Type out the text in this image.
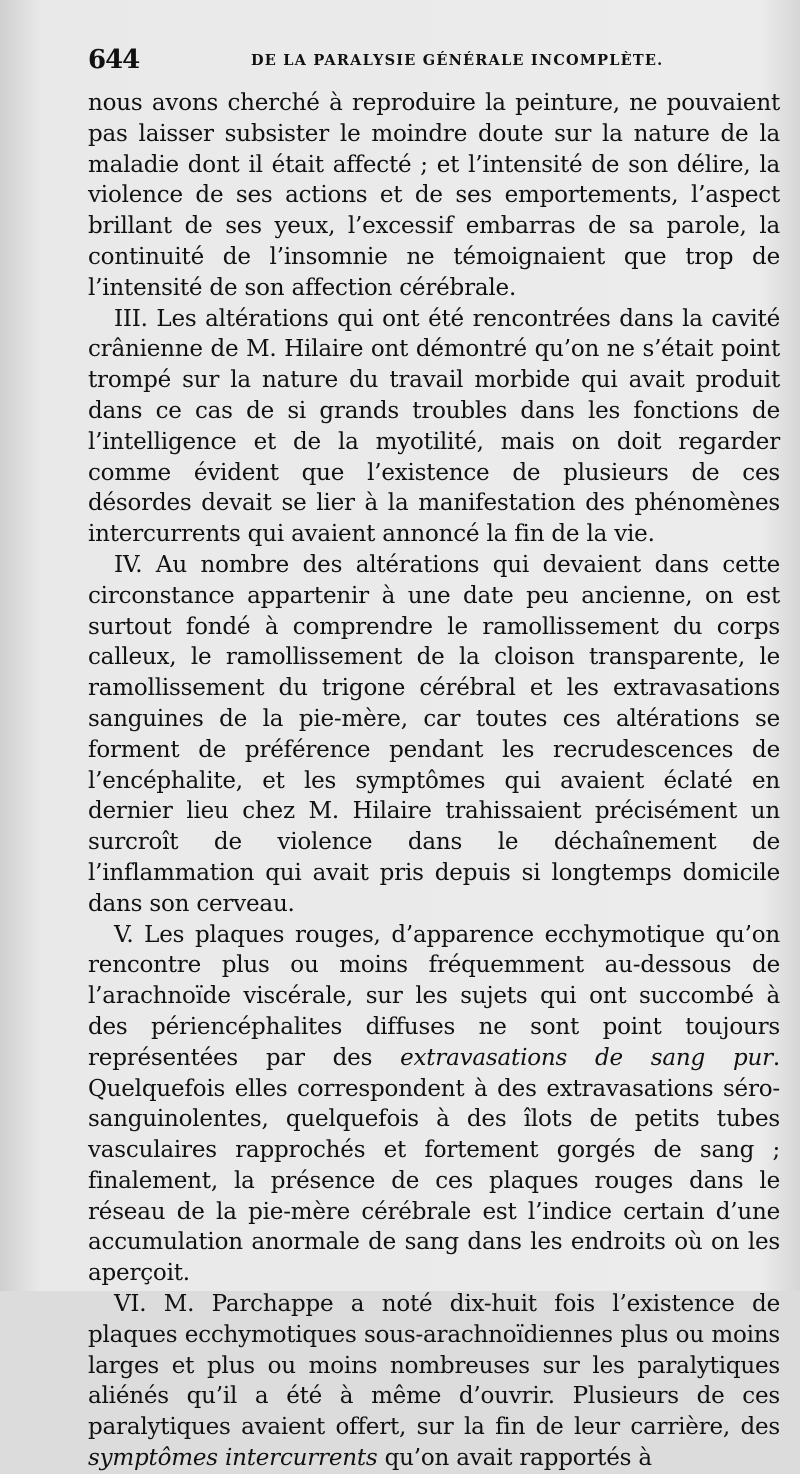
644	DE LA PARALYSIE GÉNÉRALE INCOMPLÈTE.

nous avons cherché à reproduire la peinture, ne pouvaient pas laisser subsister le moindre doute sur la nature de la maladie dont il était affecté ; et l’intensité de son délire, la violence de ses actions et de ses emportements, l’aspect brillant de ses yeux, l’excessif embarras de sa parole, la continuité de l’insomnie ne témoignaient que trop de l’intensité de son affection cérébrale.

III. Les altérations qui ont été rencontrées dans la cavité crânienne de M. Hilaire ont démontré qu’on ne s’était point trompé sur la nature du travail morbide qui avait produit dans ce cas de si grands troubles dans les fonctions de l’intelligence et de la myotilité, mais on doit regarder comme évident que l’existence de plusieurs de ces désordes devait se lier à la manifestation des phénomènes intercurrents qui avaient annoncé la fin de la vie.

IV. Au nombre des altérations qui devaient dans cette circonstance appartenir à une date peu ancienne, on est surtout fondé à comprendre le ramollissement du corps calleux, le ramollissement de la cloison transparente, le ramollissement du trigone cérébral et les extravasations sanguines de la pie-mère, car toutes ces altérations se forment de préférence pendant les recrudescences de l’encéphalite, et les symptômes qui avaient éclaté en dernier lieu chez M. Hilaire trahissaient précisément un surcroît de violence dans le déchaînement de l’inflammation qui avait pris depuis si longtemps domicile dans son cerveau.

V. Les plaques rouges, d’apparence ecchymotique qu’on rencontre plus ou moins fréquemment au-dessous de l’arachnoïde viscérale, sur les sujets qui ont succombé à des périencéphalites diffuses ne sont point toujours représentées par des extravasations de sang pur. Quelquefois elles correspondent à des extravasations séro-sanguinolentes, quelquefois à des îlots de petits tubes vasculaires rapprochés et fortement gorgés de sang ; finalement, la présence de ces plaques rouges dans le réseau de la pie-mère cérébrale est l’indice certain d’une accumulation anormale de sang dans les endroits où on les aperçoit.

VI. M. Parchappe a noté dix-huit fois l’existence de plaques ecchymotiques sous-arachnoïdiennes plus ou moins larges et plus ou moins nombreuses sur les paralytiques aliénés qu’il a été à même d’ouvrir. Plusieurs de ces paralytiques avaient offert, sur la fin de leur carrière, des symptômes intercurrents qu’on avait rapportés à
